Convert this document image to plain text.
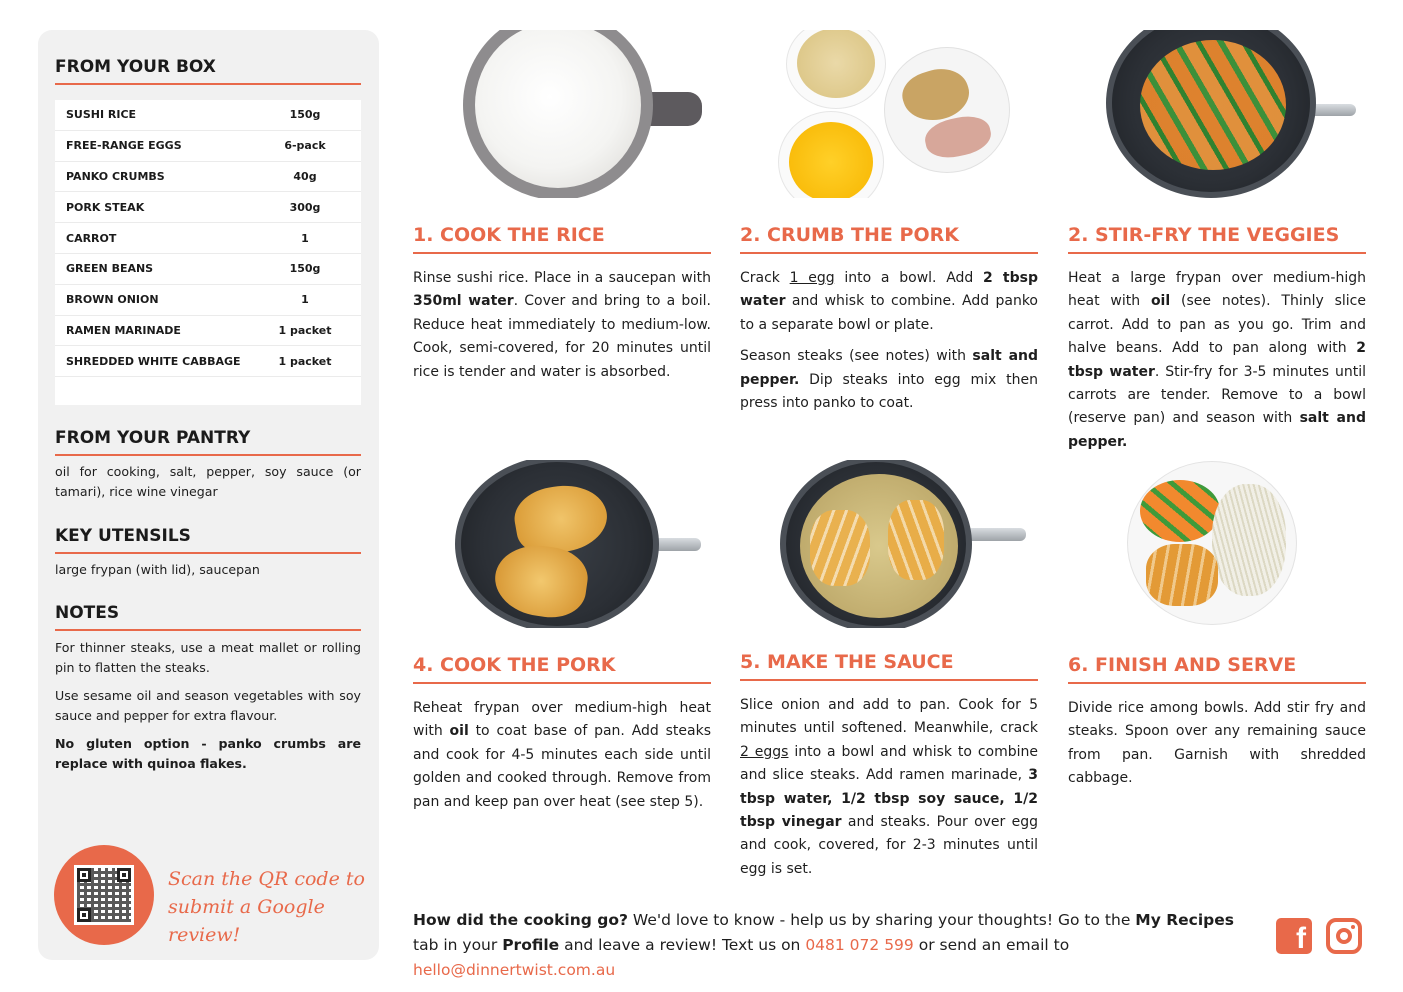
FROM YOUR BOX
SUSHI RICE	150g
FREE-RANGE EGGS	6-pack
PANKO CRUMBS	40g
PORK STEAK	300g
CARROT	1
GREEN BEANS	150g
BROWN ONION	1
RAMEN MARINADE	1 packet
SHREDDED WHITE CABBAGE	1 packet
FROM YOUR PANTRY
oil for cooking, salt, pepper, soy sauce (or tamari), rice wine vinegar
KEY UTENSILS
large frypan (with lid), saucepan
NOTES
For thinner steaks, use a meat mallet or rolling pin to flatten the steaks.
Use sesame oil and season vegetables with soy sauce and pepper for extra flavour.
No gluten option - panko crumbs are replace with quinoa flakes.
Scan the QR code to
submit a Google review!
1. COOK THE RICE

Rinse sushi rice. Place in a saucepan with 350ml water. Cover and bring to a boil. Reduce heat immediately to medium-low. Cook, semi-covered, for 20 minutes until rice is tender and water is absorbed.

2. CRUMB THE PORK

Crack 1 egg into a bowl. Add 2 tbsp water and whisk to combine. Add panko to a separate bowl or plate.

Season steaks (see notes) with salt and pepper. Dip steaks into egg mix then press into panko to coat.

2. STIR-FRY THE VEGGIES

Heat a large frypan over medium-high heat with oil (see notes). Thinly slice carrot. Add to pan as you go. Trim and halve beans. Add to pan along with 2 tbsp water. Stir-fry for 3-5 minutes until carrots are tender. Remove to a bowl (reserve pan) and season with salt and pepper.

4. COOK THE PORK

Reheat frypan over medium-high heat with oil to coat base of pan. Add steaks and cook for 4-5 minutes each side until golden and cooked through. Remove from pan and keep pan over heat (see step 5).

5. MAKE THE SAUCE

Slice onion and add to pan. Cook for 5 minutes until softened. Meanwhile, crack 2 eggs into a bowl and whisk to combine and slice steaks. Add ramen marinade, 3 tbsp water, 1/2 tbsp soy sauce, 1/2 tbsp vinegar and steaks. Pour over egg and cook, covered, for 2-3 minutes until egg is set.

6. FINISH AND SERVE

Divide rice among bowls. Add stir fry and steaks. Spoon over any remaining sauce from pan. Garnish with shredded cabbage.

How did the cooking go? We'd love to know - help us by sharing your thoughts! Go to the My Recipes tab in your Profile and leave a review! Text us on 0481 072 599 or send an email to hello@dinnertwist.com.au
f
